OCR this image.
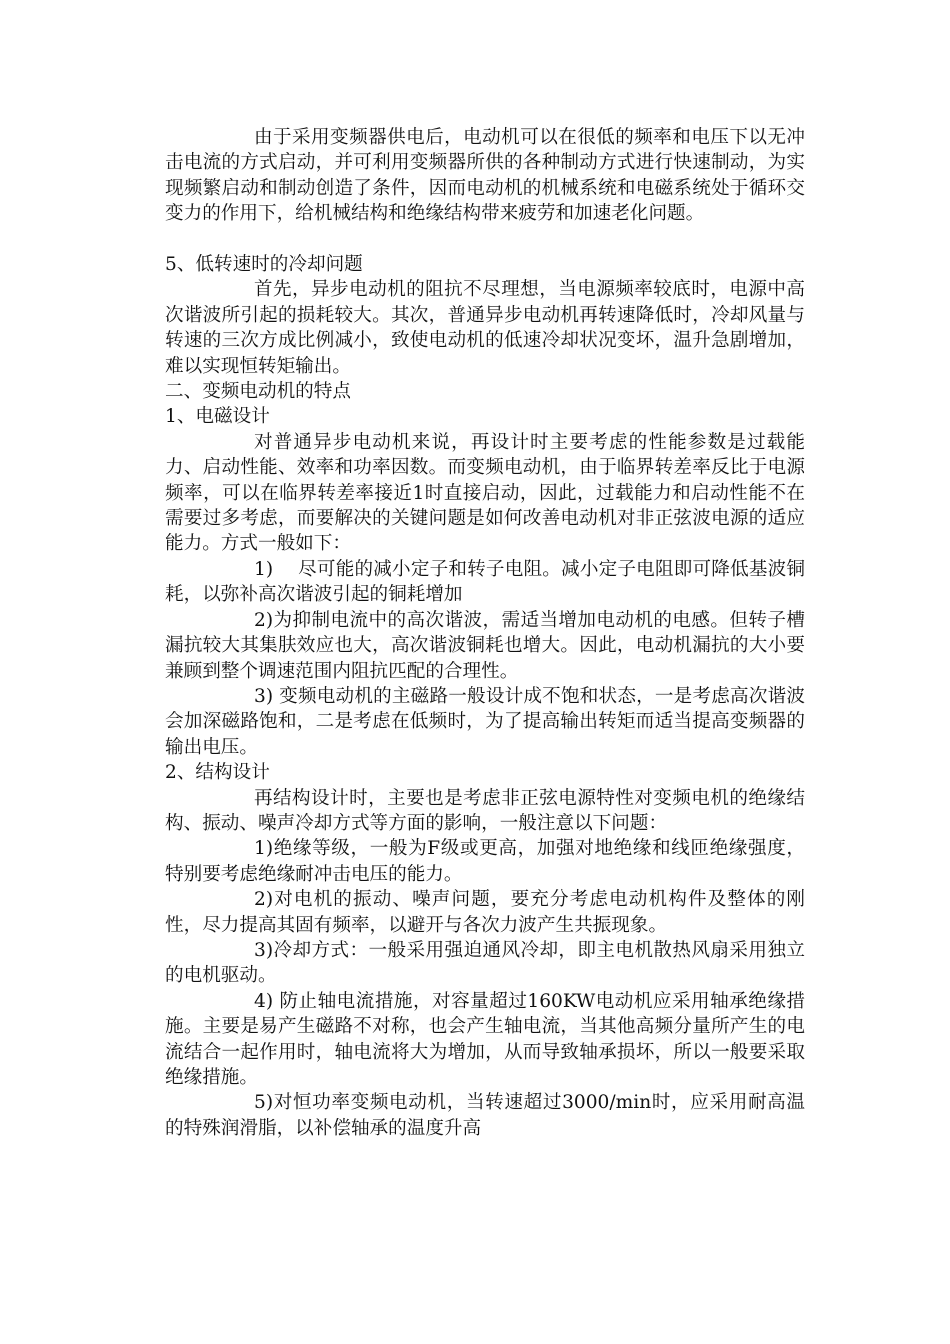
由于采用变频器供电后，电动机可以在很低的频率和电压下以无冲击电流的方式启动，并可利用变频器所供的各种制动方式进行快速制动，为实现频繁启动和制动创造了条件，因而电动机的机械系统和电磁系统处于循环交变力的作用下，给机械结构和绝缘结构带来疲劳和加速老化问题。

5、低转速时的冷却问题

首先，异步电动机的阻抗不尽理想，当电源频率较底时，电源中高次谐波所引起的损耗较大。其次，普通异步电动机再转速降低时，冷却风量与转速的三次方成比例减小，致使电动机的低速冷却状况变坏，温升急剧增加，难以实现恒转矩输出。

二、变频电动机的特点

1、电磁设计

对普通异步电动机来说，再设计时主要考虑的性能参数是过载能力、启动性能、效率和功率因数。而变频电动机，由于临界转差率反比于电源频率，可以在临界转差率接近1时直接启动，因此，过载能力和启动性能不在需要过多考虑，而要解决的关键问题是如何改善电动机对非正弦波电源的适应能力。方式一般如下：

1)　 尽可能的减小定子和转子电阻。减小定子电阻即可降低基波铜耗，以弥补高次谐波引起的铜耗增加

2)为抑制电流中的高次谐波，需适当增加电动机的电感。但转子槽漏抗较大其集肤效应也大，高次谐波铜耗也增大。因此，电动机漏抗的大小要兼顾到整个调速范围内阻抗匹配的合理性。

3) 变频电动机的主磁路一般设计成不饱和状态，一是考虑高次谐波会加深磁路饱和，二是考虑在低频时，为了提高输出转矩而适当提高变频器的输出电压。

2、结构设计

再结构设计时，主要也是考虑非正弦电源特性对变频电机的绝缘结构、振动、噪声冷却方式等方面的影响，一般注意以下问题：

1)绝缘等级，一般为F级或更高，加强对地绝缘和线匝绝缘强度，特别要考虑绝缘耐冲击电压的能力。

2)对电机的振动、噪声问题，要充分考虑电动机构件及整体的刚性，尽力提高其固有频率，以避开与各次力波产生共振现象。

3)冷却方式：一般采用强迫通风冷却，即主电机散热风扇采用独立的电机驱动。

4) 防止轴电流措施，对容量超过160KW电动机应采用轴承绝缘措施。主要是易产生磁路不对称，也会产生轴电流，当其他高频分量所产生的电流结合一起作用时，轴电流将大为增加，从而导致轴承损坏，所以一般要采取绝缘措施。

5)对恒功率变频电动机，当转速超过3000/min时，应采用耐高温的特殊润滑脂，以补偿轴承的温度升高
